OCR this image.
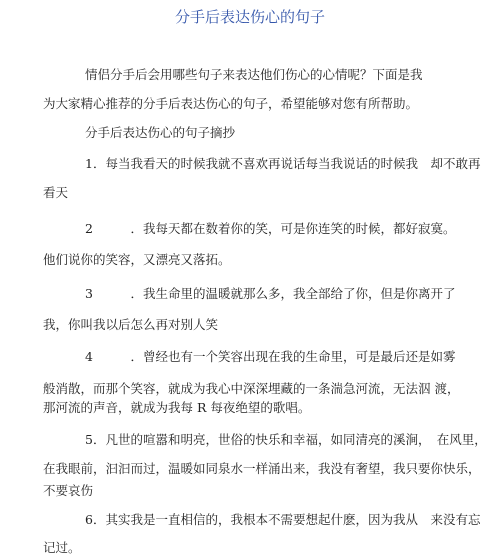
分手后表达伤心的句子
情侣分手后会用哪些句子来表达他们伤心的心情呢？下面是我
为大家精心推荐的分手后表达伤心的句子，希望能够对您有所帮助。
分手后表达伤心的句子摘抄
1．每当我看天的时候我就不喜欢再说话每当我说话的时候我　却不敢再
看天
2　　　．我每天都在数着你的笑，可是你连笑的时候，都好寂寞。
他们说你的笑容，又漂亮又落拓。
3　　　．我生命里的温暖就那么多，我全部给了你，但是你离开了
我，你叫我以后怎么再对别人笑
4　　　．曾经也有一个笑容出现在我的生命里，可是最后还是如雾
般消散，而那个笑容，就成为我心中深深埋藏的一条湍急河流，无法泅 渡，
那河流的声音，就成为我每 R 每夜绝望的歌唱。
5．凡世的喧嚣和明亮，世俗的快乐和幸福，如同清亮的溪涧，　在风里，
在我眼前，汩汩而过，温暖如同泉水一样涌出来，我没有奢望，我只要你快乐，
不要哀伤
6．其实我是一直相信的，我根本不需要想起什麽，因为我从　来没有忘
记过。
